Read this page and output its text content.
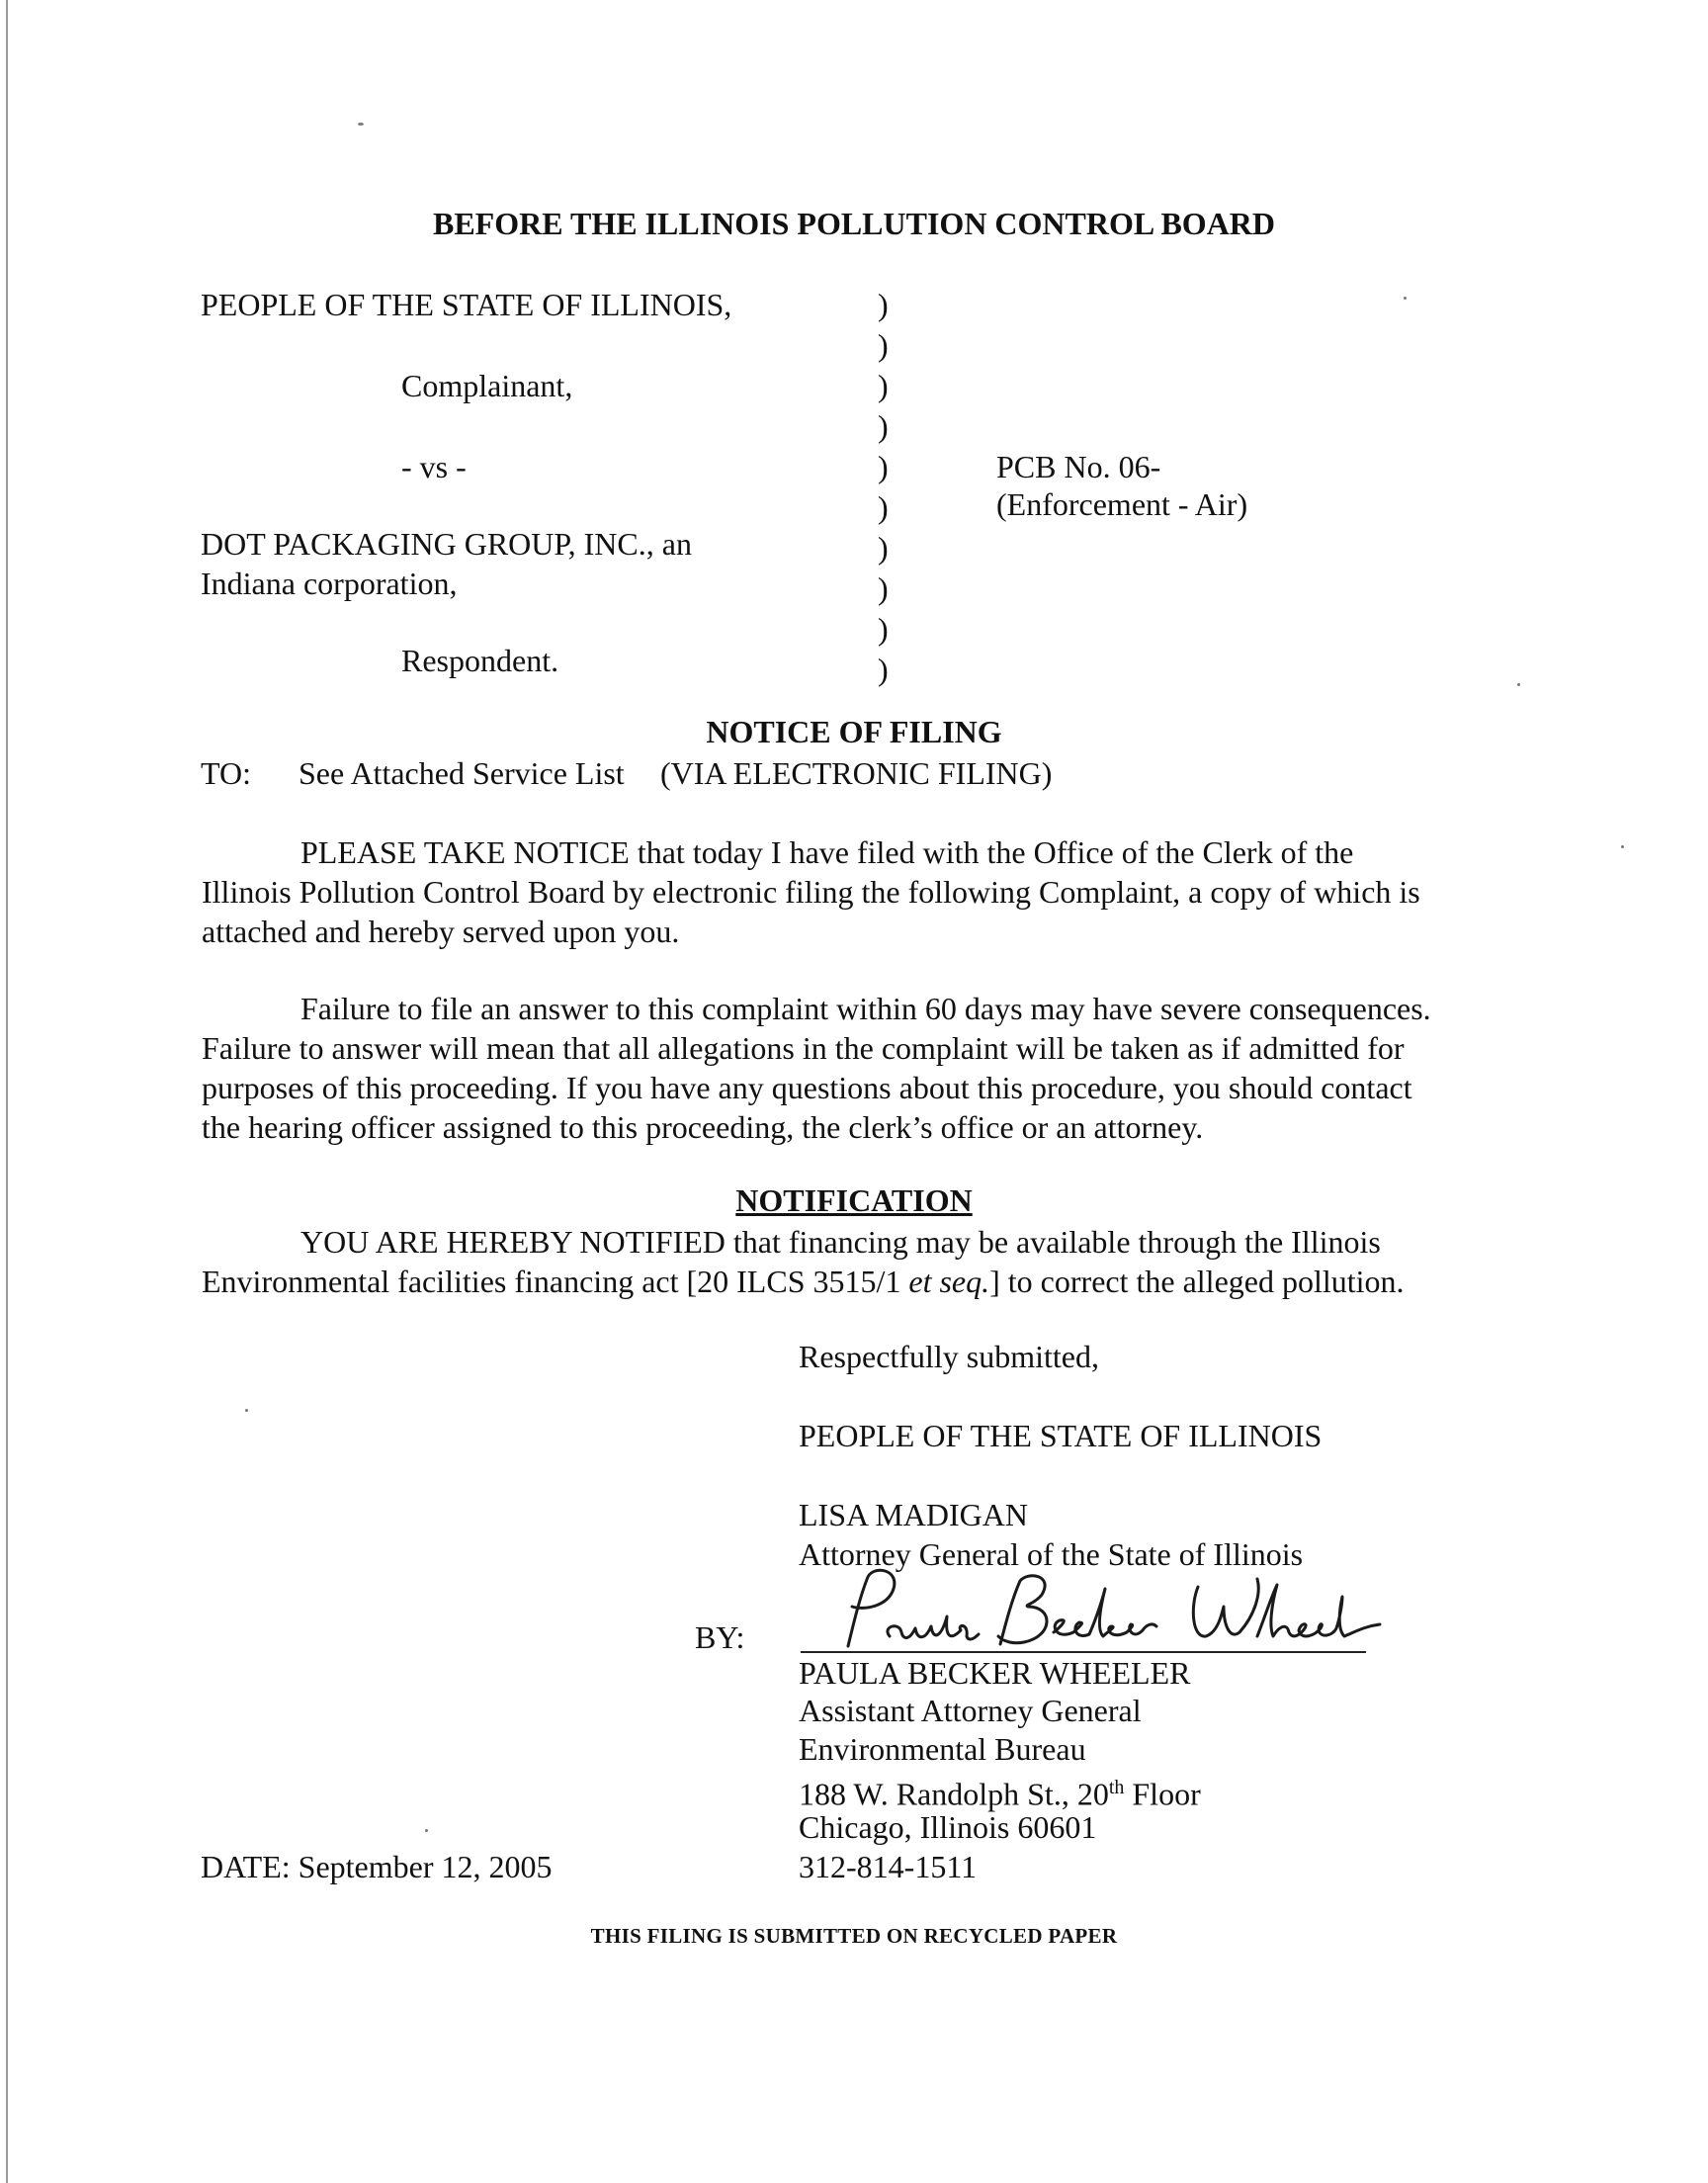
BEFORE THE ILLINOIS POLLUTION CONTROL BOARD
PEOPLE OF THE STATE OF ILLINOIS,
Complainant,
- vs -
DOT PACKAGING GROUP, INC., an
Indiana corporation,
Respondent.
)
)
)
)
)
)
)
)
)
)
PCB No. 06-
(Enforcement - Air)
NOTICE OF FILING
TO: See Attached Service List (VIA ELECTRONIC FILING)
PLEASE TAKE NOTICE that today I have filed with the Office of the Clerk of the
Illinois Pollution Control Board by electronic filing the following Complaint, a copy of which is
attached and hereby served upon you.
Failure to file an answer to this complaint within 60 days may have severe consequences.
Failure to answer will mean that all allegations in the complaint will be taken as if admitted for
purposes of this proceeding. If you have any questions about this procedure, you should contact
the hearing officer assigned to this proceeding, the clerk’s office or an attorney.
NOTIFICATION
YOU ARE HEREBY NOTIFIED that financing may be available through the Illinois
Environmental facilities financing act [20 ILCS 3515/1 et seq.] to correct the alleged pollution.
Respectfully submitted,
PEOPLE OF THE STATE OF ILLINOIS
LISA MADIGAN
Attorney General of the State of Illinois
BY:
PAULA BECKER WHEELER
Assistant Attorney General
Environmental Bureau
188 W. Randolph St., 20th Floor
Chicago, Illinois 60601
312-814-1511
DATE: September 12, 2005
THIS FILING IS SUBMITTED ON RECYCLED PAPER
